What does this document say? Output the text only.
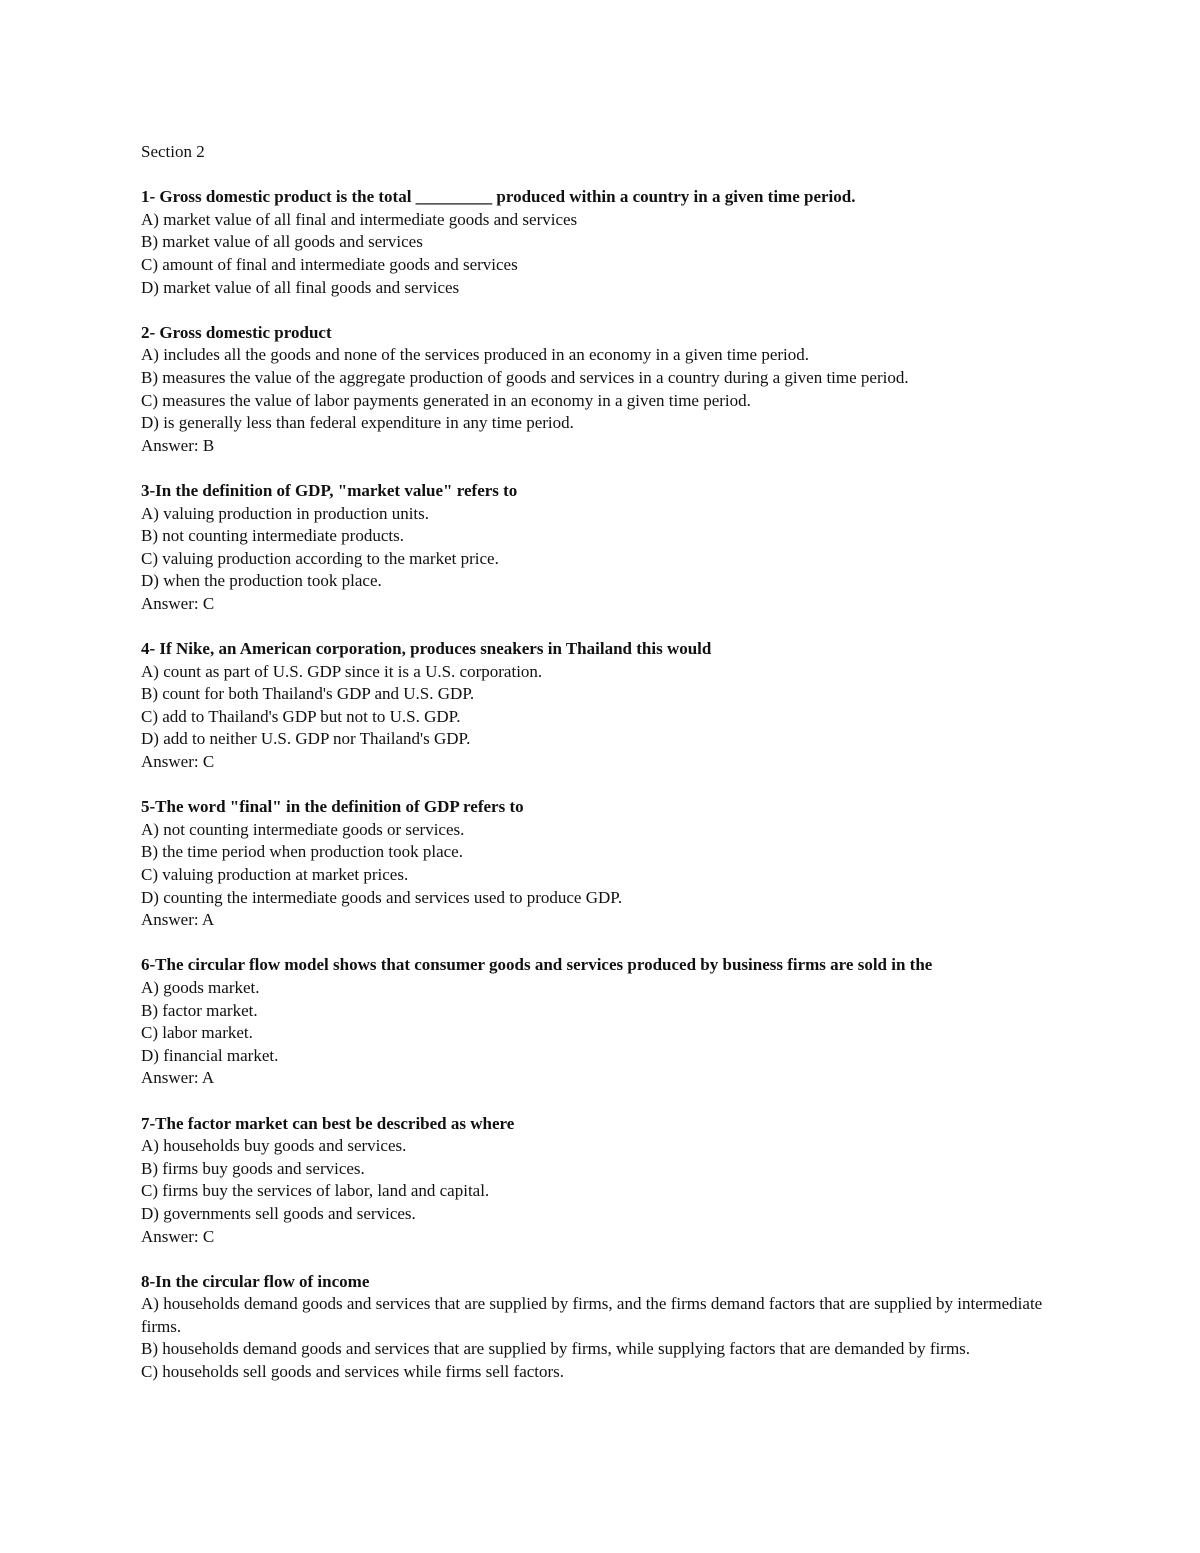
Section 2
1- Gross domestic product is the total _________ produced within a country in a given time period.
A) market value of all final and intermediate goods and services
B) market value of all goods and services
C) amount of final and intermediate goods and services
D) market value of all final goods and services
2- Gross domestic product
A) includes all the goods and none of the services produced in an economy in a given time period.
B) measures the value of the aggregate production of goods and services in a country during a given time period.
C) measures the value of labor payments generated in an economy in a given time period.
D) is generally less than federal expenditure in any time period.
Answer: B
3-In the definition of GDP, "market value" refers to
A) valuing production in production units.
B) not counting intermediate products.
C) valuing production according to the market price.
D) when the production took place.
Answer: C
4- If Nike, an American corporation, produces sneakers in Thailand this would
A) count as part of U.S. GDP since it is a U.S. corporation.
B) count for both Thailand's GDP and U.S. GDP.
C) add to Thailand's GDP but not to U.S. GDP.
D) add to neither U.S. GDP nor Thailand's GDP.
Answer: C
5-The word "final" in the definition of GDP refers to
A) not counting intermediate goods or services.
B) the time period when production took place.
C) valuing production at market prices.
D) counting the intermediate goods and services used to produce GDP.
Answer: A
6-The circular flow model shows that consumer goods and services produced by business firms are sold in the
A) goods market.
B) factor market.
C) labor market.
D) financial market.
Answer: A
7-The factor market can best be described as where
A) households buy goods and services.
B) firms buy goods and services.
C) firms buy the services of labor, land and capital.
D) governments sell goods and services.
Answer: C
8-In the circular flow of income
A) households demand goods and services that are supplied by firms, and the firms demand factors that are supplied by intermediate firms.
B) households demand goods and services that are supplied by firms, while supplying factors that are demanded by firms.
C) households sell goods and services while firms sell factors.
